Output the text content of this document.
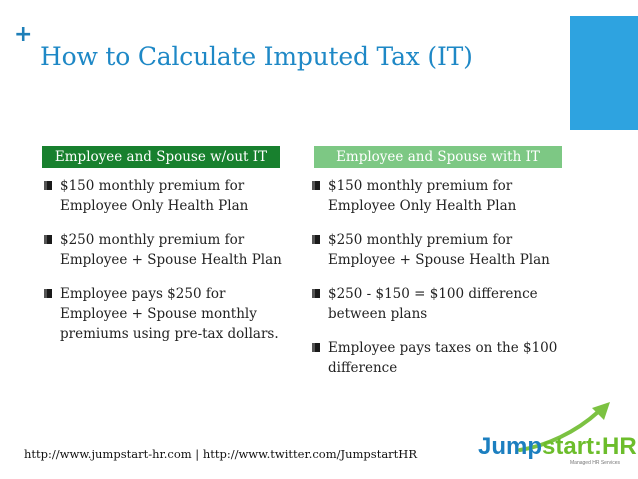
+
How to Calculate Imputed Tax (IT)
Employee and Spouse w/out IT	Employee and Spouse with IT
$150 monthly premium for Employee Only Health Plan
$250 monthly premium for Employee + Spouse Health Plan
Employee pays $250 for Employee + Spouse monthly premiums using pre-tax dollars.
$150 monthly premium for Employee Only Health Plan
$250 monthly premium for Employee + Spouse Health Plan
$250 - $150 = $100 difference between plans
Employee pays taxes on the $100 difference
http://www.jumpstart-hr.com | http://www.twitter.com/JumpstartHR	Jumpstart:HR
Managed HR Services
